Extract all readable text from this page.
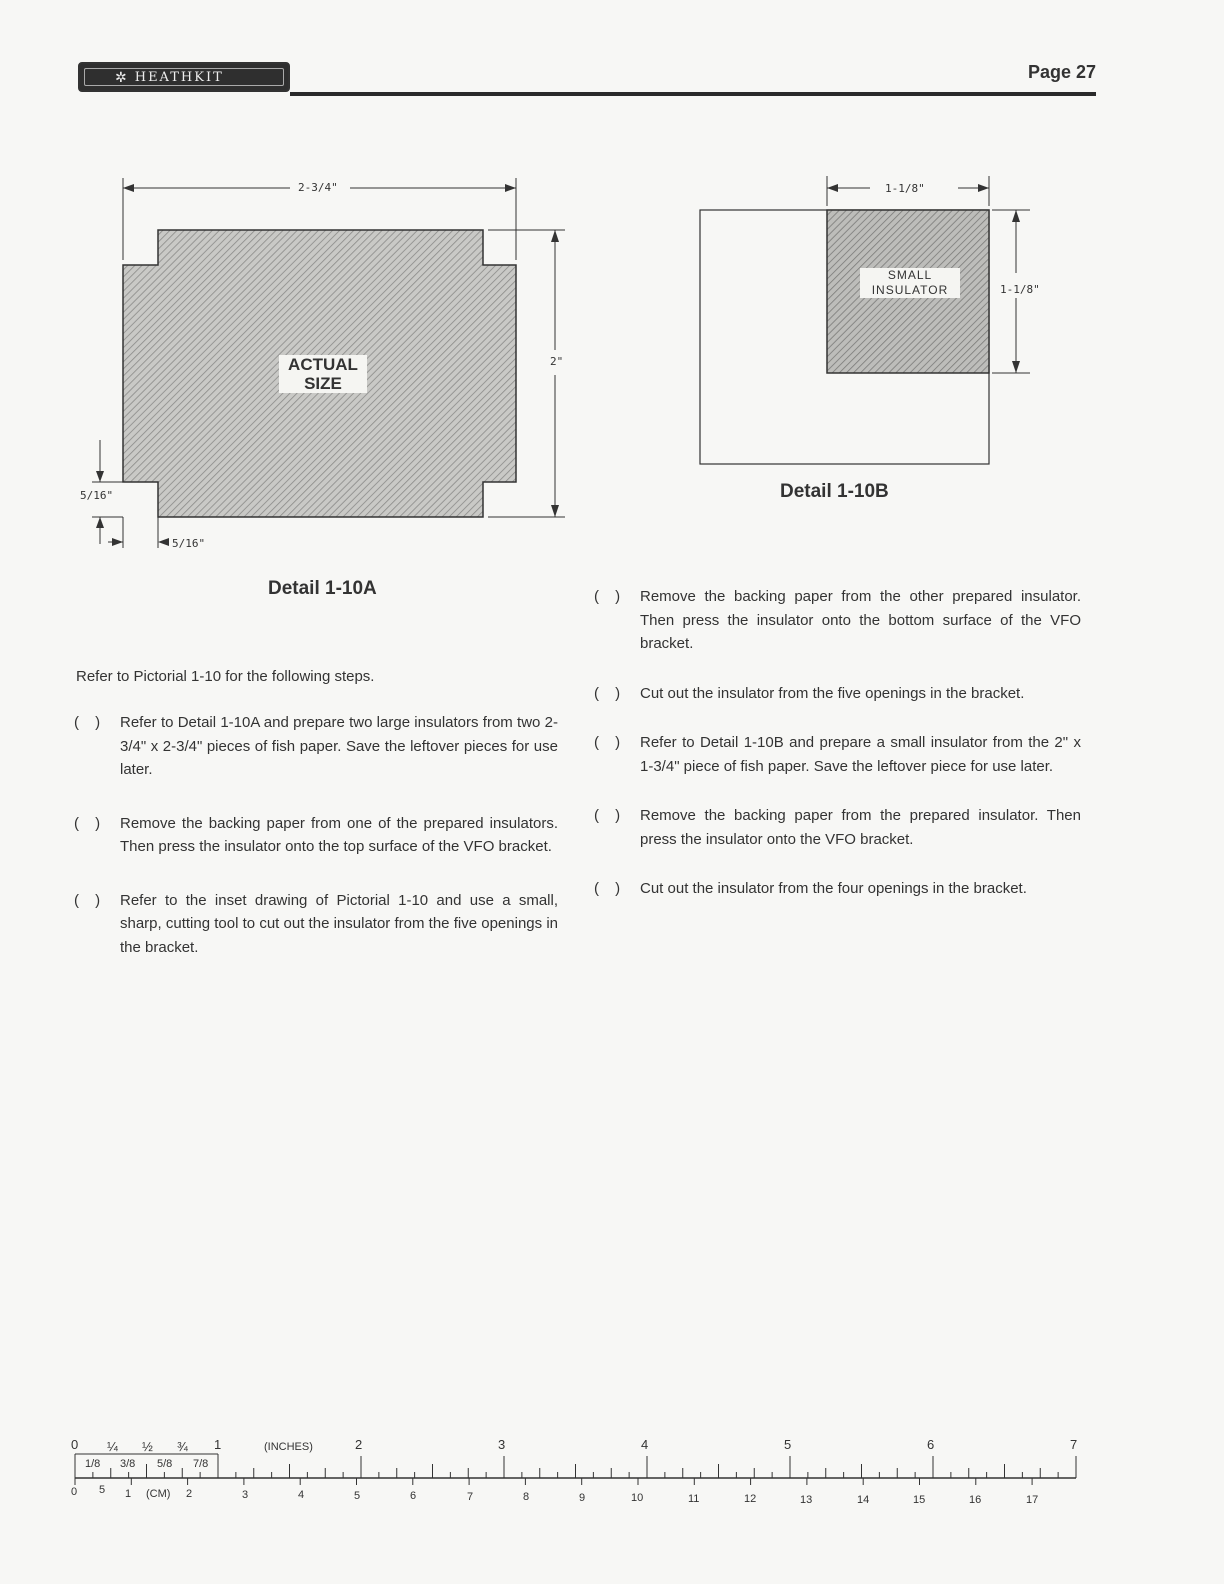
✲ HEATHKIT	Page 27
2-3/4"
2"
5/16"
5/16"
ACTUAL
SIZE
Detail 1-10A
1-1/8"
1-1/8"
SMALL
INSULATOR
Detail 1-10B
Refer to Pictorial 1-10 for the following steps.
( ) Refer to Detail 1-10A and prepare two large insulators from two 2-3/4" x 2-3/4" pieces of fish paper. Save the leftover pieces for use later.
( ) Remove the backing paper from one of the prepared insulators. Then press the insulator onto the top surface of the VFO bracket.
( ) Refer to the inset drawing of Pictorial 1-10 and use a small, sharp, cutting tool to cut out the insulator from the five openings in the bracket.
( ) Remove the backing paper from the other prepared insulator. Then press the insulator onto the bottom surface of the VFO bracket.
( ) Cut out the insulator from the five openings in the bracket.
( ) Refer to Detail 1-10B and prepare a small insulator from the 2" x 1-3/4" piece of fish paper. Save the leftover piece for use later.
( ) Remove the backing paper from the prepared insulator. Then press the insulator onto the VFO bracket.
( ) Cut out the insulator from the four openings in the bracket.
0 ¼ ½ ¾ 1	(INCHES)	2	3	4	5	6	7
1/8 3/8 5/8 7/8
0 5 1 (CM) 2	3	4	5	6	7	8	9	10	11	12	13	14	15	16	17
